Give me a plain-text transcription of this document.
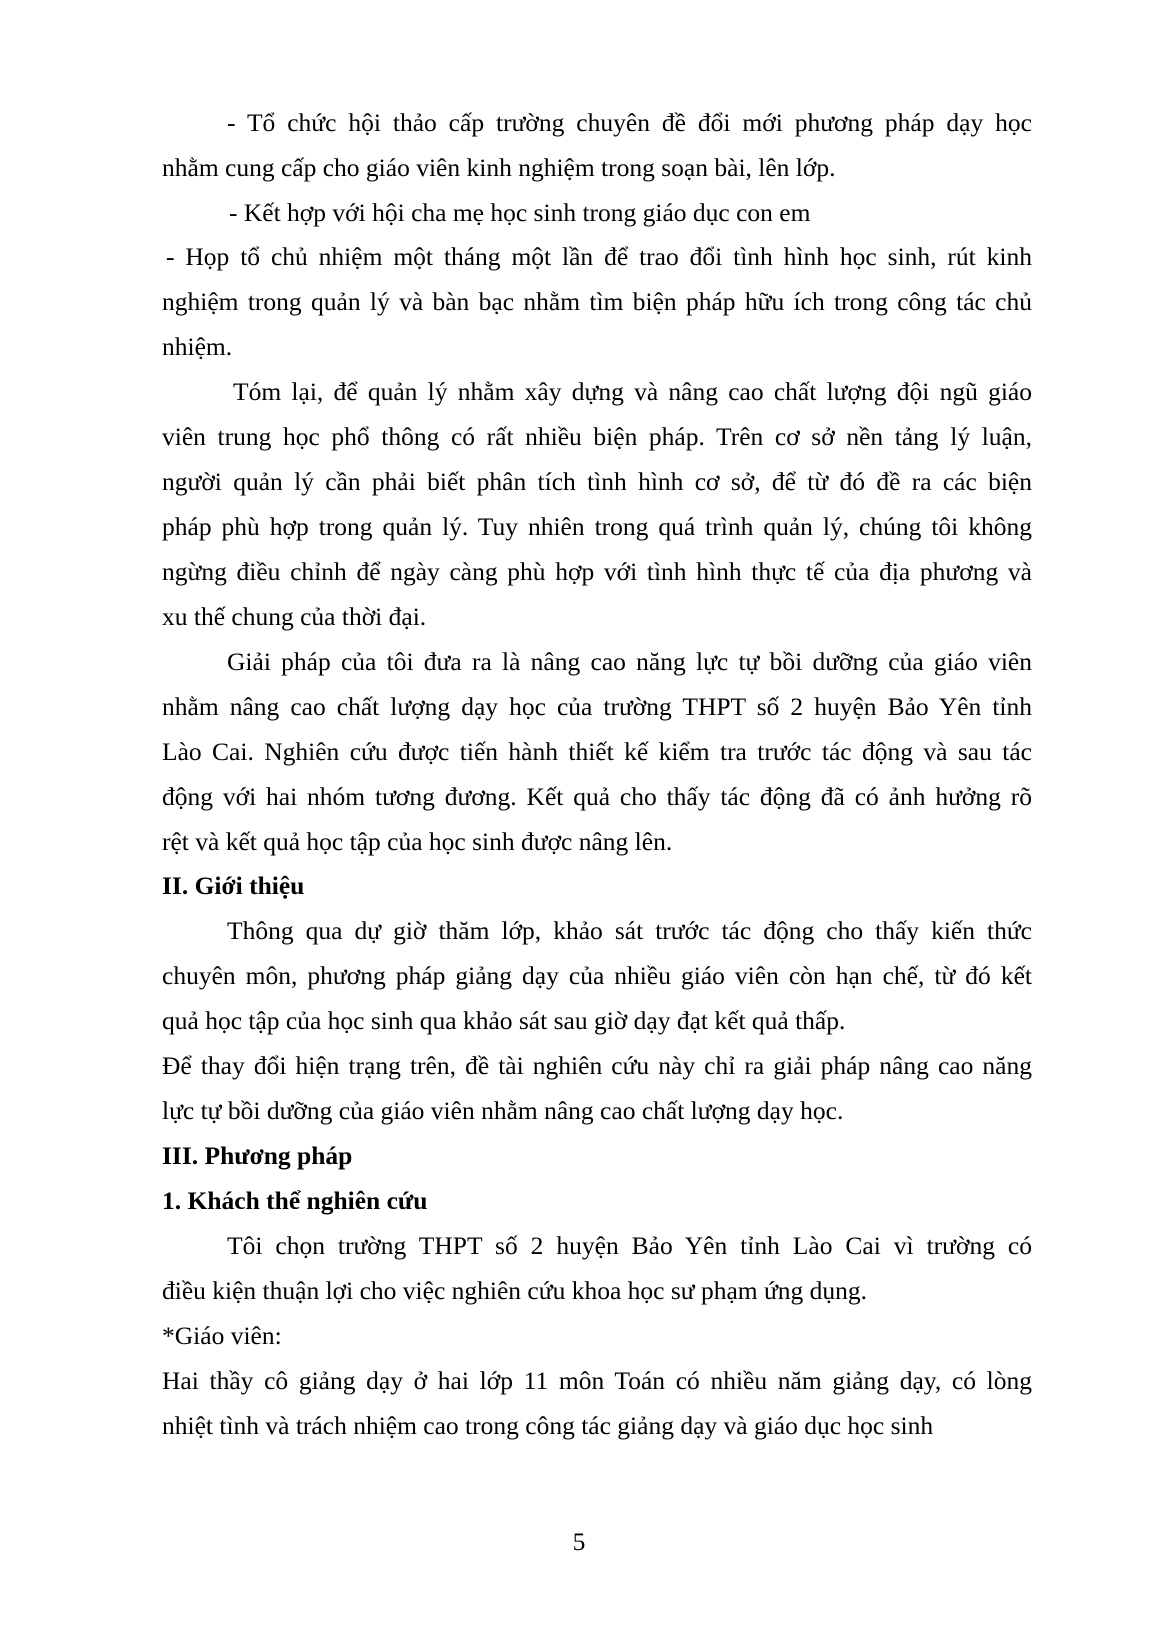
- Tổ chức hội thảo cấp trường chuyên đề đổi mới phương pháp dạy học

nhằm cung cấp cho giáo viên kinh nghiệm trong soạn bài, lên lớp.

- Kết hợp với hội cha mẹ học sinh trong giáo dục con em

- Họp tổ chủ nhiệm một tháng một lần để trao đổi tình hình học sinh, rút kinh

nghiệm trong quản lý và bàn bạc nhằm tìm biện pháp hữu ích trong công tác chủ

nhiệm.

Tóm lại, để quản lý nhằm xây dựng và nâng cao chất lượng đội ngũ giáo

viên trung học phổ thông có rất nhiều biện pháp. Trên cơ sở nền tảng lý luận,

người quản lý cần phải biết phân tích tình hình cơ sở, để từ đó đề ra các biện

pháp phù hợp trong quản lý. Tuy nhiên trong quá trình quản lý, chúng tôi không

ngừng điều chỉnh để ngày càng phù hợp với tình hình thực tế của địa phương và

xu thế chung của thời đại.

Giải pháp của tôi đưa ra là nâng cao năng lực tự bồi dưỡng của giáo viên

nhằm nâng cao chất lượng dạy học của trường THPT số 2 huyện Bảo Yên tỉnh

Lào Cai. Nghiên cứu được tiến hành thiết kế kiểm tra trước tác động và sau tác

động với hai nhóm tương đương. Kết quả cho thấy tác động đã có ảnh hưởng rõ

rệt và kết quả học tập của học sinh được nâng lên.

II. Giới thiệu

Thông qua dự giờ thăm lớp, khảo sát trước tác động cho thấy kiến thức

chuyên môn, phương pháp giảng dạy của nhiều giáo viên còn hạn chế, từ đó kết

quả học tập của học sinh qua khảo sát sau giờ dạy đạt kết quả thấp.

Để thay đổi hiện trạng trên, đề tài nghiên cứu này chỉ ra giải pháp nâng cao năng

lực tự bồi dưỡng của giáo viên nhằm nâng cao chất lượng dạy học.

III. Phương pháp

1. Khách thể nghiên cứu

Tôi chọn trường THPT số 2 huyện Bảo Yên tỉnh Lào Cai vì trường có

điều kiện thuận lợi cho việc nghiên cứu khoa học sư phạm ứng dụng.

*Giáo viên:

Hai thầy cô giảng dạy ở hai lớp 11 môn Toán có nhiều năm giảng dạy, có lòng

nhiệt tình và trách nhiệm cao trong công tác giảng dạy và giáo dục học sinh

5
